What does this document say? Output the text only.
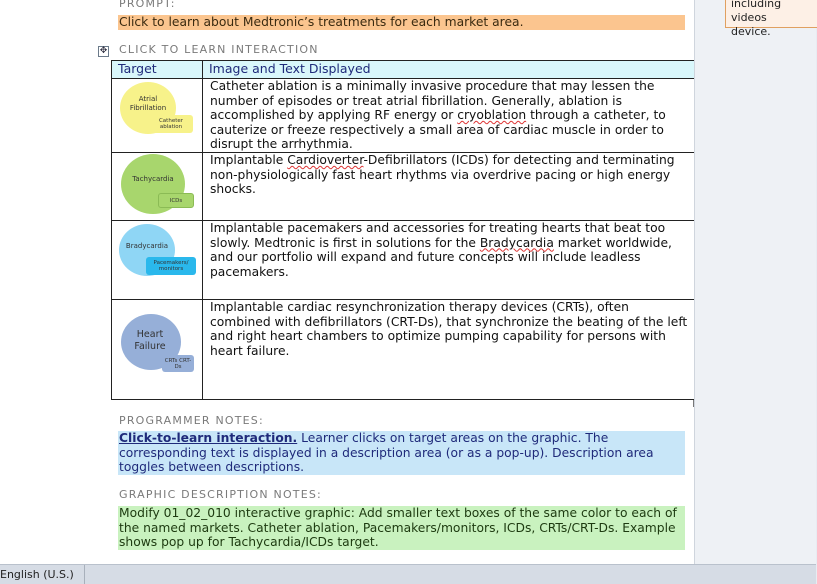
PROMPT:
Click to learn about Medtronic’s treatments for each market area.
CLICK TO LEARN INTERACTION
✥
Target	Image and Text Displayed

Atrial Fibrillation
Catheter ablation	Catheter ablation is a minimally invasive procedure that may lessen the number of episodes or treat atrial fibrillation. Generally, ablation is accomplished by applying RF energy or cryoblation through a catheter, to cauterize or freeze respectively a small area of cardiac muscle in order to disrupt the arrhythmia.

Tachycardia
ICDs	Implantable Cardioverter-Defibrillators (ICDs) for detecting and terminating non-physiologically fast heart rhythms via overdrive pacing or high energy shocks.

Bradycardia
Pacemakers/ monitors	Implantable pacemakers and accessories for treating hearts that beat too slowly. Medtronic is first in solutions for the Bradycardia market worldwide, and our portfolio will expand and future concepts will include leadless pacemakers.

Heart Failure
CRTs CRT-Ds	Implantable cardiac resynchronization therapy devices (CRTs), often combined with defibrillators (CRT-Ds), that synchronize the beating of the left and right heart chambers to optimize pumping capability for persons with heart failure.
PROGRAMMER NOTES:
Click-to-learn interaction. Learner clicks on target areas on the graphic. The corresponding text is displayed in a description area (or as a pop-up). Description area toggles between descriptions.
GRAPHIC DESCRIPTION NOTES:
Modify 01_02_010 interactive graphic: Add smaller text boxes of the same color to each of the named markets. Catheter ablation, Pacemakers/monitors, ICDs, CRTs/CRT-Ds. Example shows pop up for Tachycardia/ICDs target.
including videos
device.
English (U.S.)
